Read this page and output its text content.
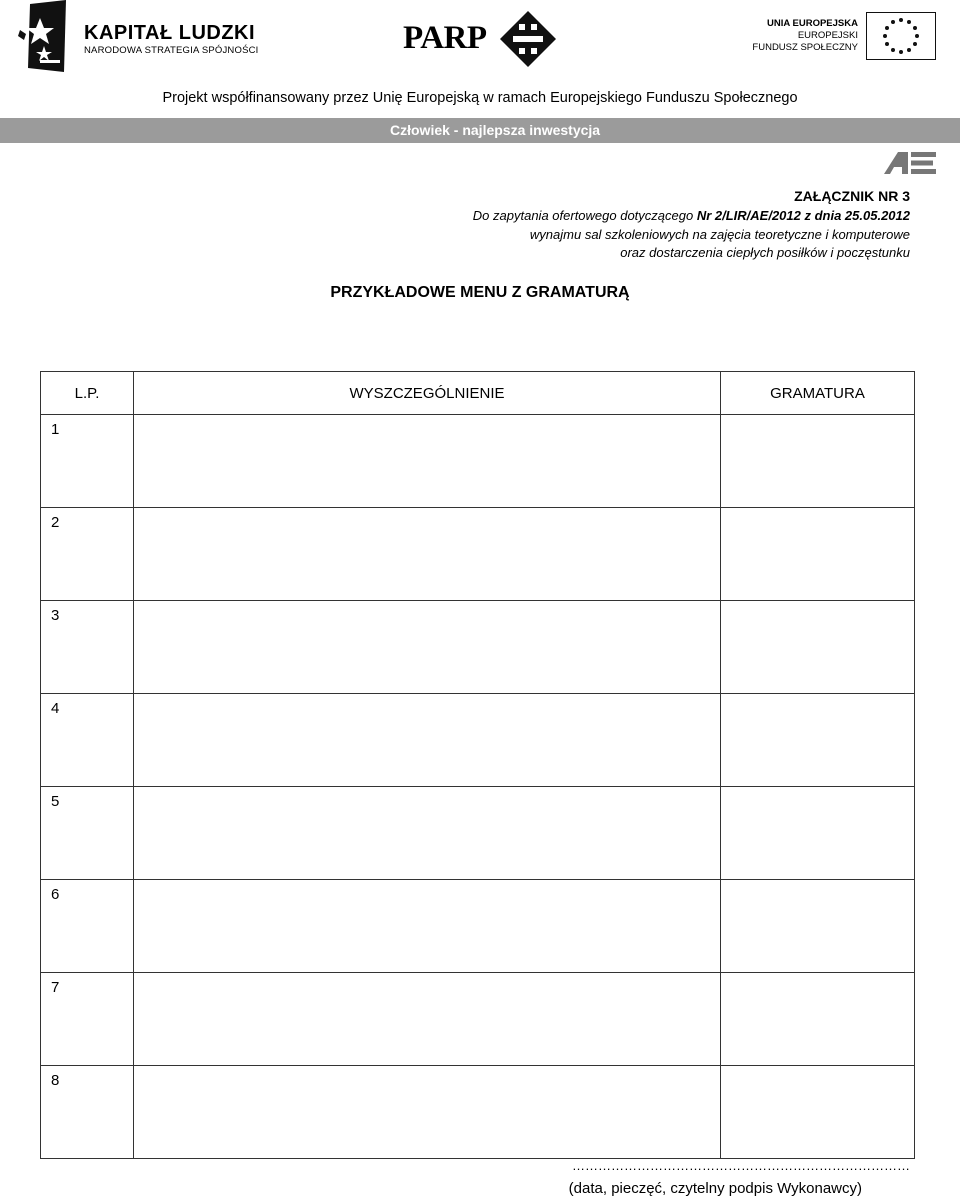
KAPITAŁ LUDZKI
NARODOWA STRATEGIA SPÓJNOŚCI	PARP	UNIA EUROPEJSKA
EUROPEJSKI
FUNDUSZ SPOŁECZNY
Projekt współfinansowany przez Unię Europejską w ramach Europejskiego Funduszu Społecznego
Człowiek - najlepsza inwestycja
ZAŁĄCZNIK NR 3
Do zapytania ofertowego dotyczącego Nr 2/LIR/AE/2012 z dnia 25.05.2012
wynajmu sal szkoleniowych na zajęcia teoretyczne i komputerowe
oraz dostarczenia ciepłych posiłków i poczęstunku
PRZYKŁADOWE MENU Z GRAMATURĄ
L.P.	WYSZCZEGÓLNIENIE	GRAMATURA
1		
2		
3		
4		
5		
6		
7		
8		
……………………………………………………………………
(data, pieczęć, czytelny podpis Wykonawcy)
